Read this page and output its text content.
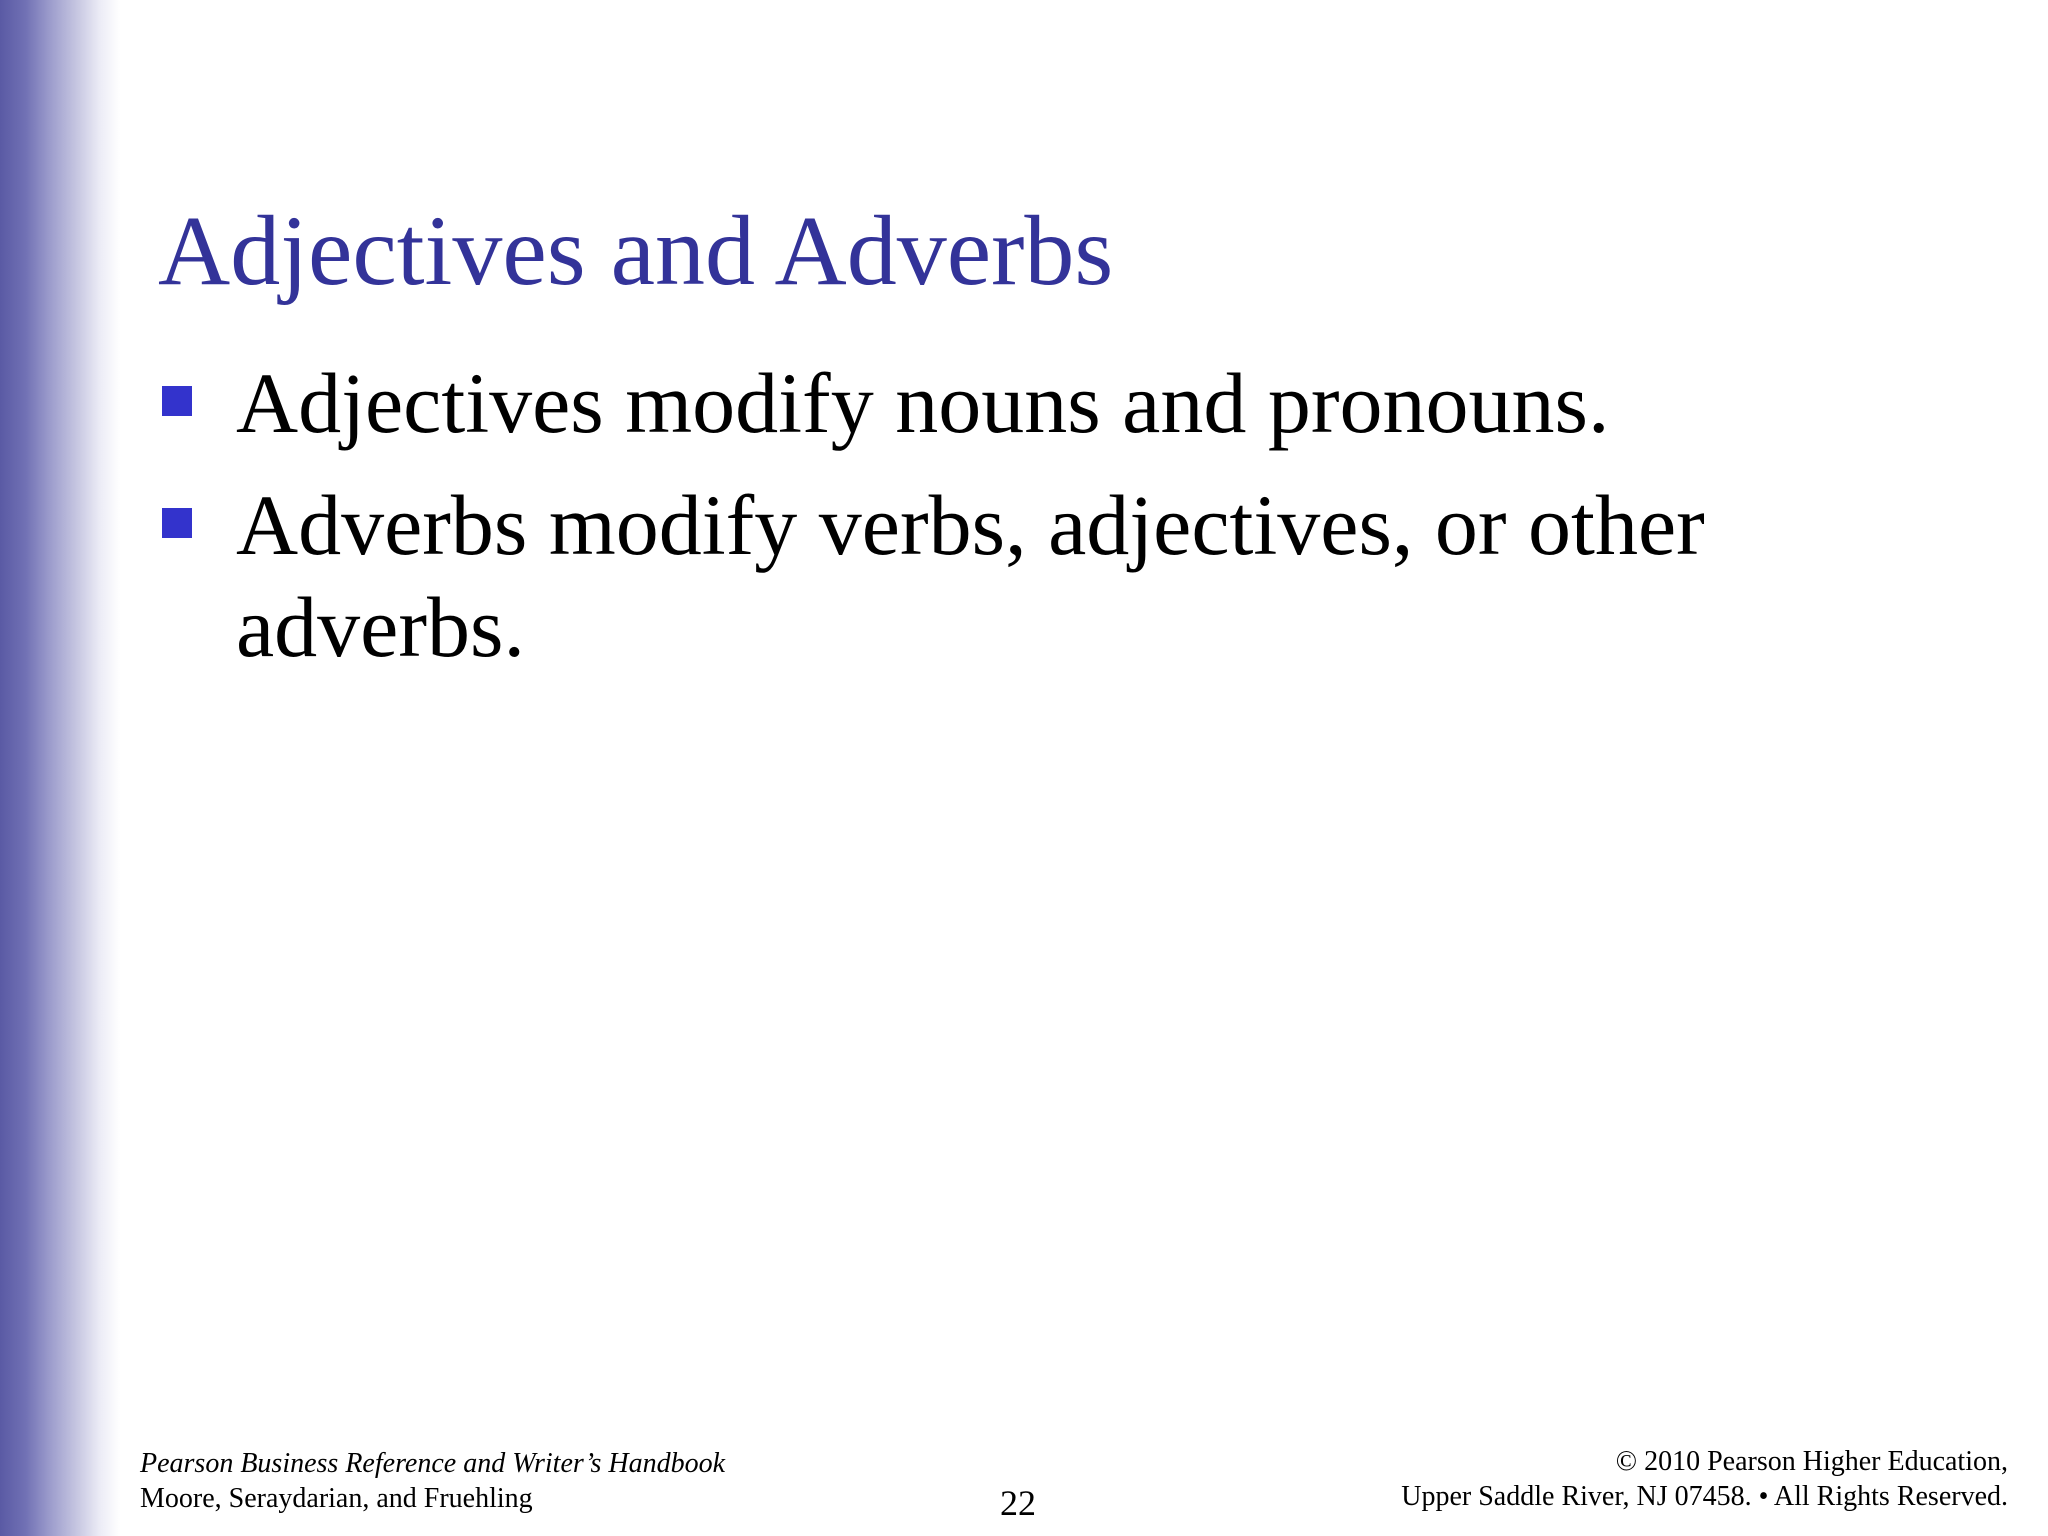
Adjectives and Adverbs
Adjectives modify nouns and pronouns.
Adverbs modify verbs, adjectives, or other adverbs.
Pearson Business Reference and Writer’s Handbook
Moore, Seraydarian, and Fruehling	22
© 2010 Pearson Higher Education,
Upper Saddle River, NJ 07458. • All Rights Reserved.
